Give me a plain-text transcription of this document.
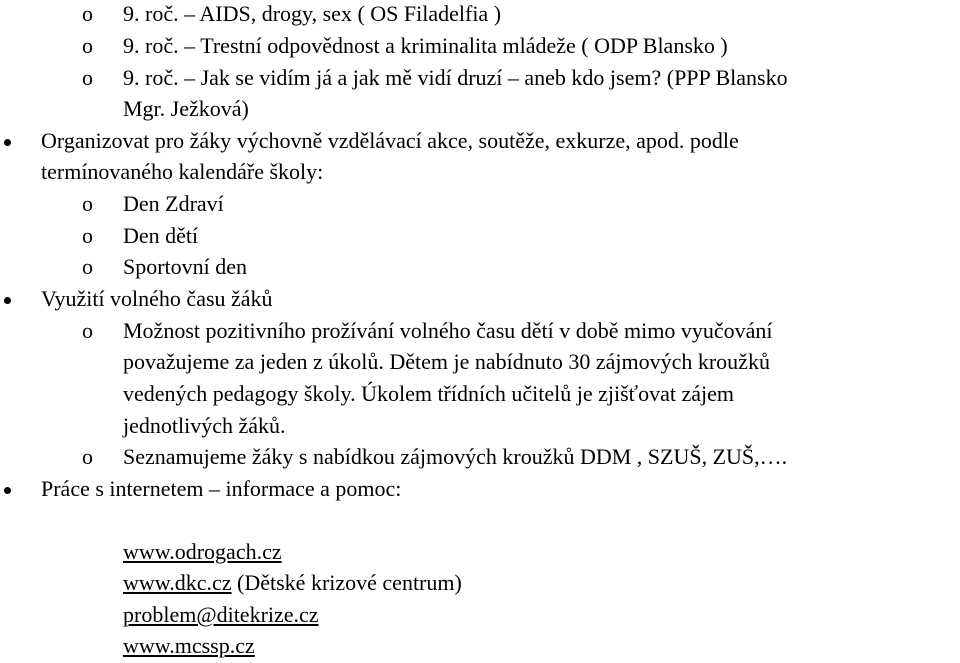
o 9. roč. – AIDS, drogy, sex ( OS Filadelfia )
o 9. roč. – Trestní odpovědnost a kriminalita mládeže ( ODP Blansko )
o 9. roč. – Jak se vidím já a jak mě vidí druzí – aneb kdo jsem? (PPP Blansko
Mgr. Ježková)
Organizovat pro žáky výchovně vzdělávací akce, soutěže, exkurze, apod. podle
termínovaného kalendáře školy:
o Den Zdraví
o Den dětí
o Sportovní den
Využití volného času žáků
o Možnost pozitivního prožívání volného času dětí v době mimo vyučování
považujeme za jeden z úkolů. Dětem je nabídnuto 30 zájmových kroužků
vedených pedagogy školy. Úkolem třídních učitelů je zjišťovat zájem
jednotlivých žáků.
o Seznamujeme žáky s nabídkou zájmových kroužků DDM , SZUŠ, ZUŠ,….
Práce s internetem – informace a pomoc:
www.odrogach.cz
www.dkc.cz (Dětské krizové centrum)
problem@ditekrize.cz
www.mcssp.cz
